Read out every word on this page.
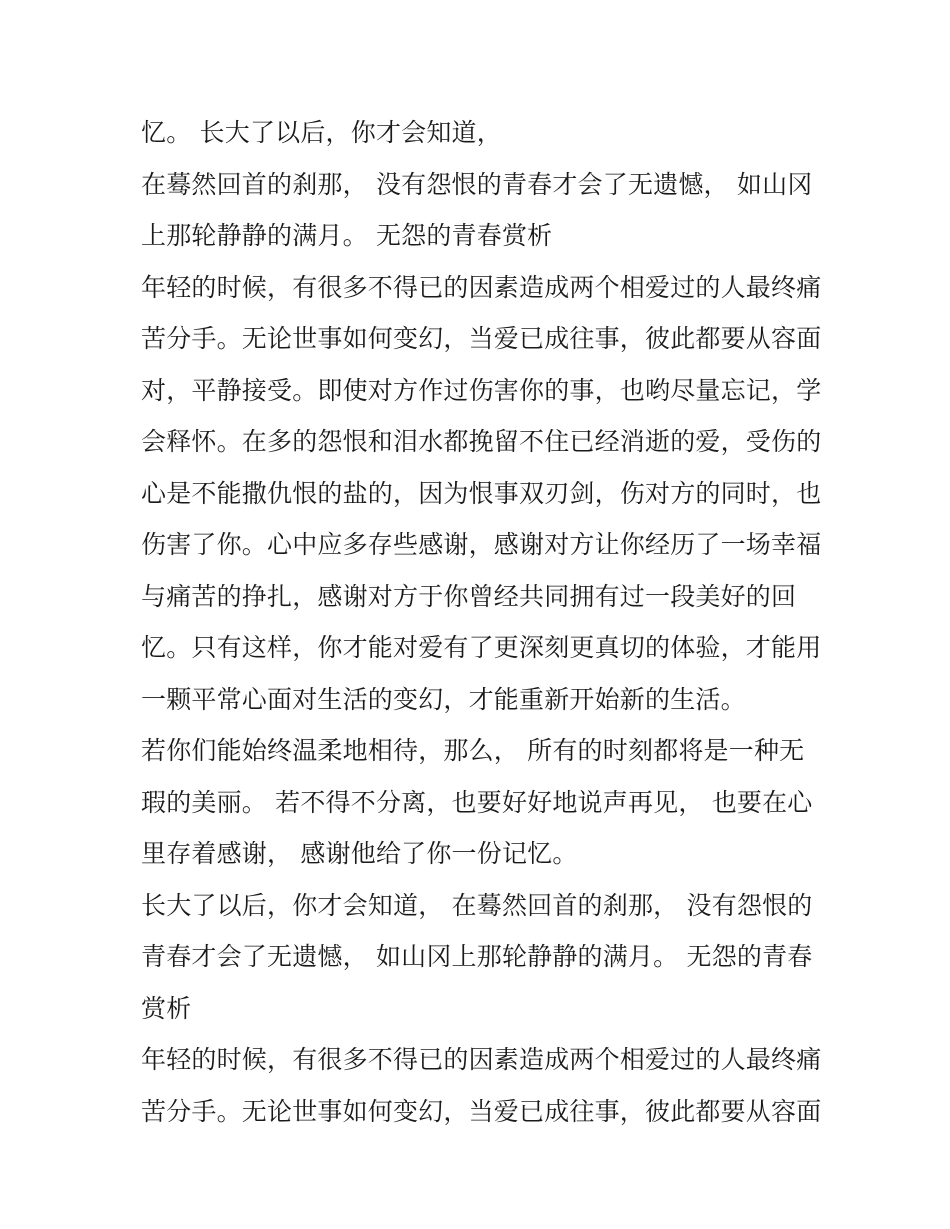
忆。 长大了以后，你才会知道，
在蓦然回首的刹那， 没有怨恨的青春才会了无遗憾， 如山冈
上那轮静静的满月。 无怨的青春赏析
年轻的时候，有很多不得已的因素造成两个相爱过的人最终痛
苦分手。无论世事如何变幻，当爱已成往事，彼此都要从容面
对，平静接受。即使对方作过伤害你的事，也哟尽量忘记，学
会释怀。在多的怨恨和泪水都挽留不住已经消逝的爱，受伤的
心是不能撒仇恨的盐的，因为恨事双刃剑，伤对方的同时，也
伤害了你。心中应多存些感谢，感谢对方让你经历了一场幸福
与痛苦的挣扎，感谢对方于你曾经共同拥有过一段美好的回
忆。只有这样，你才能对爱有了更深刻更真切的体验，才能用
一颗平常心面对生活的变幻，才能重新开始新的生活。
若你们能始终温柔地相待，那么， 所有的时刻都将是一种无
瑕的美丽。 若不得不分离，也要好好地说声再见， 也要在心
里存着感谢， 感谢他给了你一份记忆。
长大了以后，你才会知道， 在蓦然回首的刹那， 没有怨恨的
青春才会了无遗憾， 如山冈上那轮静静的满月。 无怨的青春
赏析
年轻的时候，有很多不得已的因素造成两个相爱过的人最终痛
苦分手。无论世事如何变幻，当爱已成往事，彼此都要从容面
